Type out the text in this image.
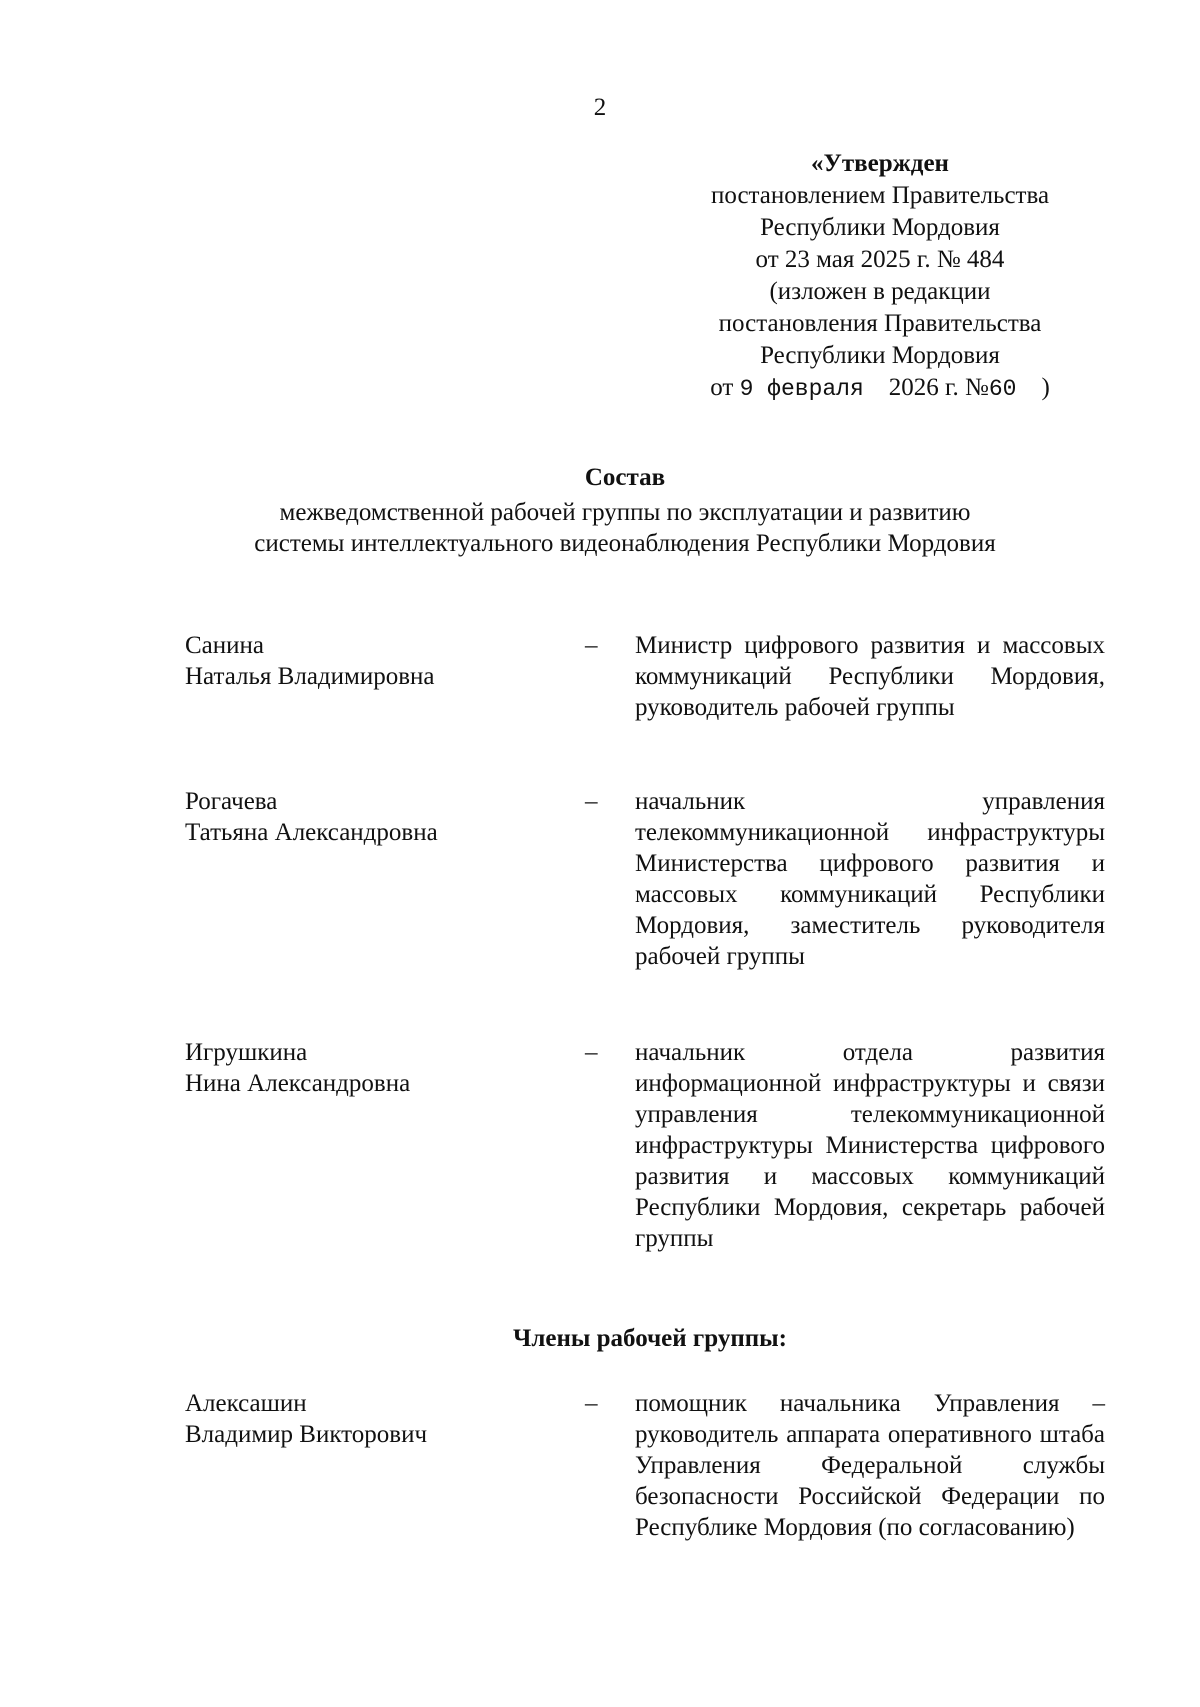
2
«Утвержден
постановлением Правительства
Республики Мордовия
от 23 мая 2025 г. № 484
(изложен в редакции
постановления Правительства
Республики Мордовия
от 9 февраля 2026 г. №60 )
Состав
межведомственной рабочей группы по эксплуатации и развитию
системы интеллектуального видеонаблюдения Республики Мордовия
Санина
Наталья Владимировна
– Министр цифрового развития и массовых коммуникаций Республики Мордовия, руководитель рабочей группы
Рогачева
Татьяна Александровна
– начальник управления телекоммуникационной инфраструктуры Министерства цифрового развития и массовых коммуникаций Республики Мордовия, заместитель руководителя рабочей группы
Игрушкина
Нина Александровна
– начальник отдела развития информационной инфраструктуры и связи управления телекоммуникационной инфраструктуры Министерства цифрового развития и массовых коммуникаций Республики Мордовия, секретарь рабочей группы
Члены рабочей группы:
Алексашин
Владимир Викторович
– помощник начальника Управления – руководитель аппарата оперативного штаба Управления Федеральной службы безопасности Российской Федерации по Республике Мордовия (по согласованию)
